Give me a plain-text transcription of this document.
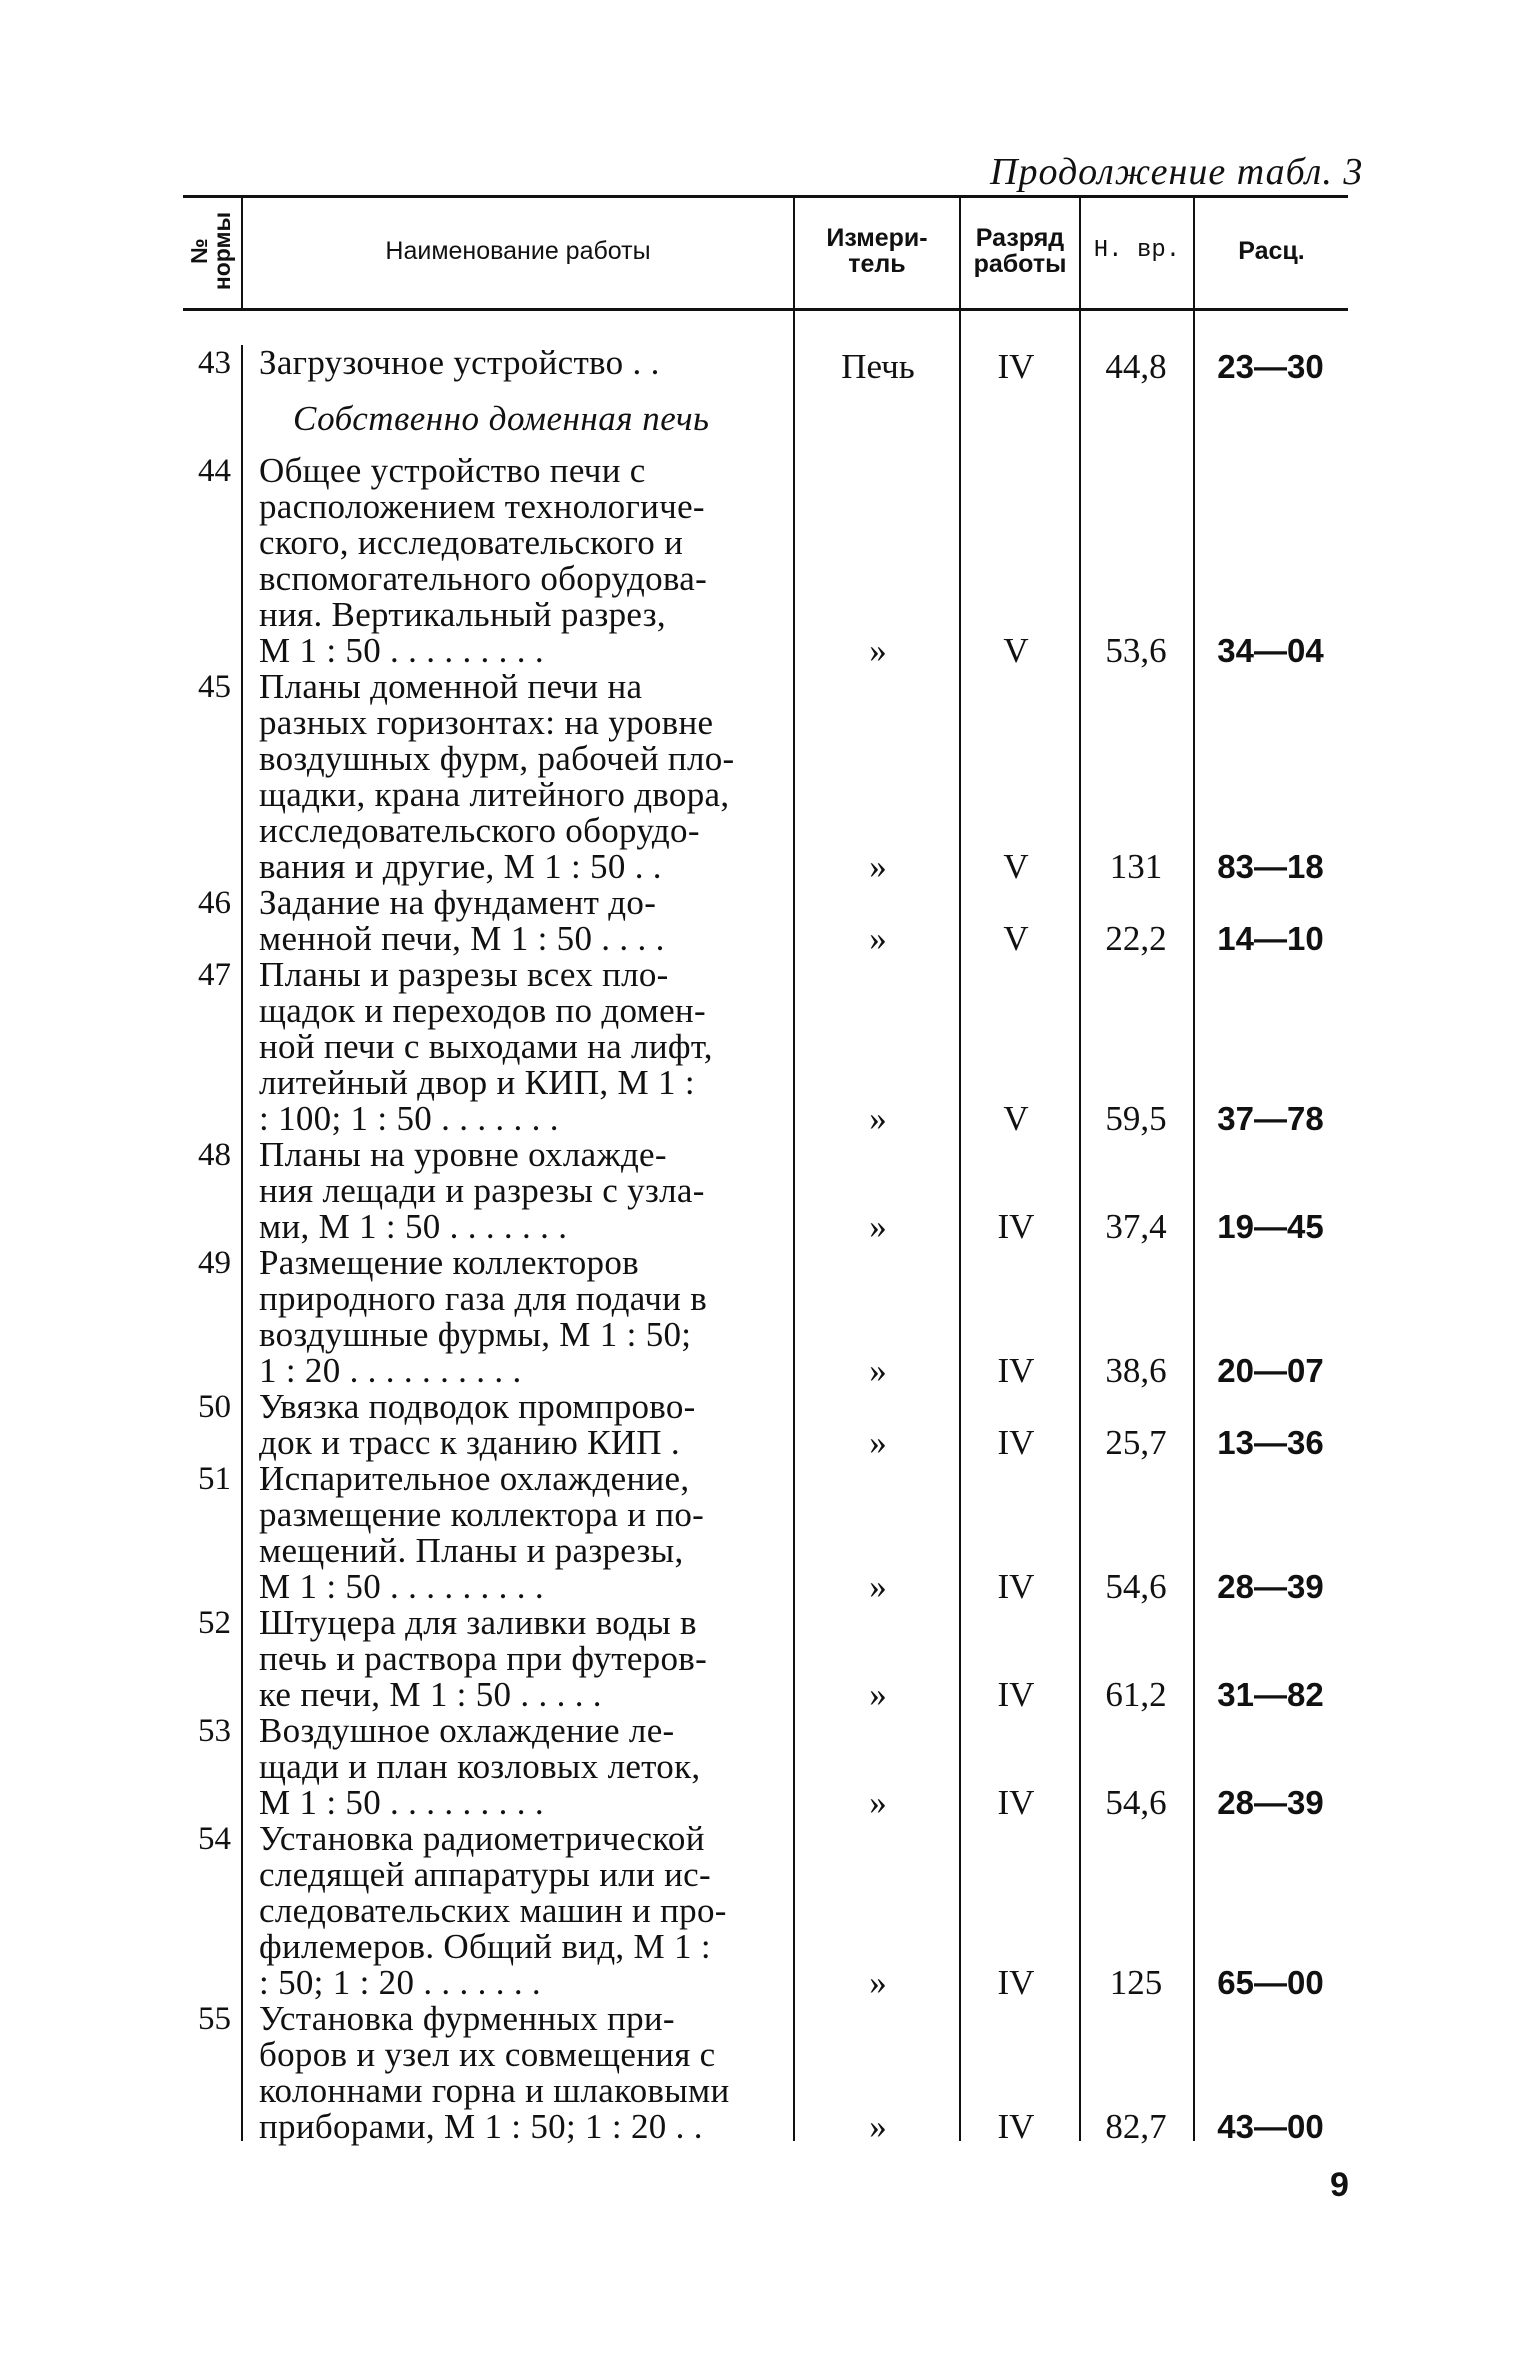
Продолжение табл. 3
№
нормы	Наименование работы	Измери-
тель
Разряд
работы	Н. вр.	Расц.
43 Загрузочное устройство . .	Печь	IV	44,8	23—30
Собственно доменная печь
44 Общее устройство печи с
расположением технологиче-
ского, исследовательского и
вспомогательного оборудова-
ния. Вертикальный разрез,
М 1 : 50 . . . . . . . . .	»	V	53,6	34—04
45 Планы доменной печи на
разных горизонтах: на уровне
воздушных фурм, рабочей пло-
щадки, крана литейного двора,
исследовательского оборудо-
вания и другие, М 1 : 50 . .	»	V	131	83—18
46 Задание на фундамент до-
менной печи, М 1 : 50 . . . .	»	V	22,2	14—10
47 Планы и разрезы всех пло-
щадок и переходов по домен-
ной печи с выходами на лифт,
литейный двор и КИП, М 1 :
: 100; 1 : 50 . . . . . . .	»	V	59,5	37—78
48 Планы на уровне охлажде-
ния лещади и разрезы с узла-
ми, М 1 : 50 . . . . . . .	»	IV	37,4	19—45
49 Размещение коллекторов
природного газа для подачи в
воздушные фурмы, М 1 : 50;
1 : 20 . . . . . . . . . .	»	IV	38,6	20—07
50 Увязка подводок промпрово-
док и трасс к зданию КИП .	»	IV	25,7	13—36
51 Испарительное охлаждение,
размещение коллектора и по-
мещений. Планы и разрезы,
М 1 : 50 . . . . . . . . .	»	IV	54,6	28—39
52 Штуцера для заливки воды в
печь и раствора при футеров-
ке печи, М 1 : 50 . . . . .	»	IV	61,2	31—82
53 Воздушное охлаждение ле-
щади и план козловых леток,
М 1 : 50 . . . . . . . . .	»	IV	54,6	28—39
54 Установка радиометрической
следящей аппаратуры или ис-
следовательских машин и про-
филемеров. Общий вид, М 1 :
: 50; 1 : 20 . . . . . . .	»	IV	125	65—00
55 Установка фурменных при-
боров и узел их совмещения с
колоннами горна и шлаковыми
приборами, М 1 : 50; 1 : 20 . .	»	IV	82,7	43—00
9
